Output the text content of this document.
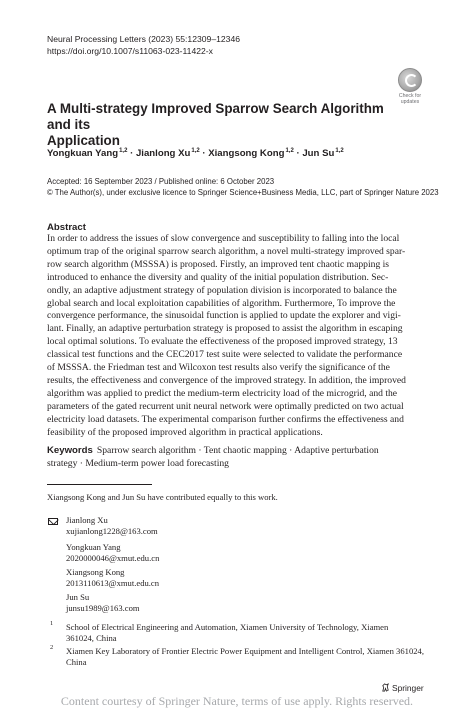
Neural Processing Letters (2023) 55:12309–12346
https://doi.org/10.1007/s11063-023-11422-x
Check for
updates
A Multi-strategy Improved Sparrow Search Algorithm and its
Application
Yongkuan Yang$^{1,2}$ · Jianlong Xu$^{1,2}$ · Xiangsong Kong$^{1,2}$ · Jun Su$^{1,2}$
Accepted: 16 September 2023 / Published online: 6 October 2023
© The Author(s), under exclusive licence to Springer Science+Business Media, LLC, part of Springer Nature 2023
Abstract
In order to address the issues of slow convergence and susceptibility to falling into the local
optimum trap of the original sparrow search algorithm, a novel multi-strategy improved spar-
row search algorithm (MSSSA) is proposed. Firstly, an improved tent chaotic mapping is
introduced to enhance the diversity and quality of the initial population distribution. Sec-
ondly, an adaptive adjustment strategy of population division is incorporated to balance the
global search and local exploitation capabilities of algorithm. Furthermore, To improve the
convergence performance, the sinusoidal function is applied to update the explorer and vigi-
lant. Finally, an adaptive perturbation strategy is proposed to assist the algorithm in escaping
local optimal solutions. To evaluate the effectiveness of the proposed improved strategy, 13
classical test functions and the CEC2017 test suite were selected to validate the performance
of MSSSA. the Friedman test and Wilcoxon test results also verify the significance of the
results, the effectiveness and convergence of the improved strategy. In addition, the improved
algorithm was applied to predict the medium-term electricity load of the microgrid, and the
parameters of the gated recurrent unit neural network were optimally predicted on two actual
electricity load datasets. The experimental comparison further confirms the effectiveness and
feasibility of the proposed improved algorithm in practical applications.
Keywords Sparrow search algorithm · Tent chaotic mapping · Adaptive perturbation
strategy · Medium-term power load forecasting
Xiangsong Kong and Jun Su have contributed equally to this work.
Jianlong Xu
xujianlong1228@163.com
Yongkuan Yang
2020000046@xmut.edu.cn
Xiangsong Kong
2013110613@xmut.edu.cn
Jun Su
junsu1989@163.com
1 School of Electrical Engineering and Automation, Xiamen University of Technology, Xiamen
361024, China
2 Xiamen Key Laboratory of Frontier Electric Power Equipment and Intelligent Control, Xiamen 361024,
China
Springer
Content courtesy of Springer Nature, terms of use apply. Rights reserved.
